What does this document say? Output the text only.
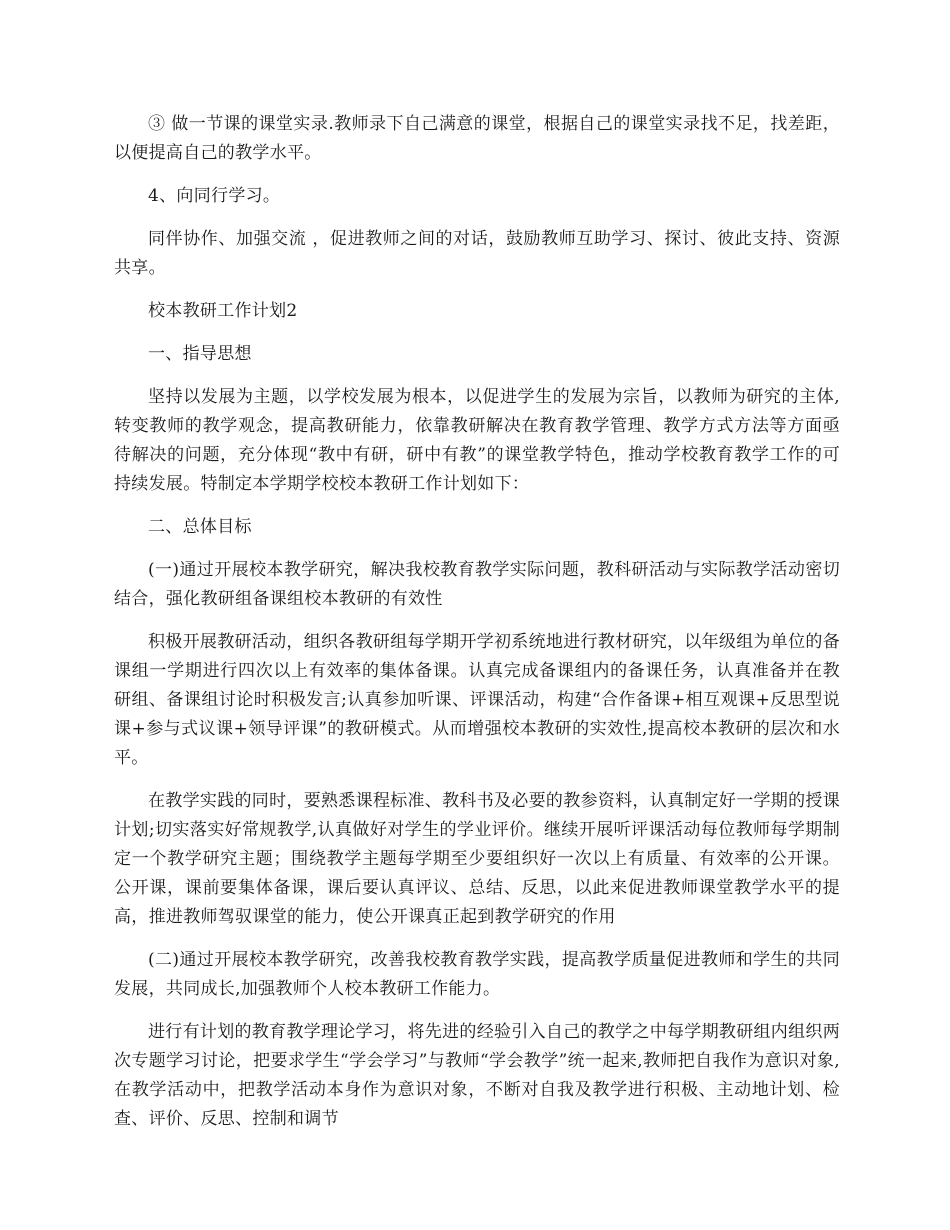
③ 做一节课的课堂实录.教师录下自己满意的课堂，根据自己的课堂实录找不足，找差距，以便提高自己的教学水平。

4、向同行学习。

同伴协作、加强交流 ，促进教师之间的对话，鼓励教师互助学习、探讨、彼此支持、资源共享。

校本教研工作计划2

一、指导思想

坚持以发展为主题，以学校发展为根本，以促进学生的发展为宗旨，以教师为研究的主体,转变教师的教学观念，提高教研能力，依靠教研解决在教育教学管理、教学方式方法等方面亟待解决的问题，充分体现“教中有研，研中有教”的课堂教学特色，推动学校教育教学工作的可持续发展。特制定本学期学校校本教研工作计划如下：

二、总体目标

(一)通过开展校本教学研究，解决我校教育教学实际问题，教科研活动与实际教学活动密切结合，强化教研组备课组校本教研的有效性

积极开展教研活动，组织各教研组每学期开学初系统地进行教材研究，以年级组为单位的备课组一学期进行四次以上有效率的集体备课。认真完成备课组内的备课任务，认真准备并在教研组、备课组讨论时积极发言;认真参加听课、评课活动，构建“合作备课+相互观课+反思型说课+参与式议课+领导评课”的教研模式。从而增强校本教研的实效性,提高校本教研的层次和水平。

在教学实践的同时，要熟悉课程标准、教科书及必要的教参资料，认真制定好一学期的授课计划;切实落实好常规教学,认真做好对学生的学业评价。继续开展听评课活动每位教师每学期制定一个教学研究主题；围绕教学主题每学期至少要组织好一次以上有质量、有效率的公开课。公开课，课前要集体备课，课后要认真评议、总结、反思，以此来促进教师课堂教学水平的提高，推进教师驾驭课堂的能力，使公开课真正起到教学研究的作用

(二)通过开展校本教学研究，改善我校教育教学实践，提高教学质量促进教师和学生的共同发展，共同成长,加强教师个人校本教研工作能力。

进行有计划的教育教学理论学习，将先进的经验引入自己的教学之中每学期教研组内组织两次专题学习讨论，把要求学生“学会学习”与教师“学会教学”统一起来,教师把自我作为意识对象,在教学活动中，把教学活动本身作为意识对象，不断对自我及教学进行积极、主动地计划、检查、评价、反思、控制和调节
